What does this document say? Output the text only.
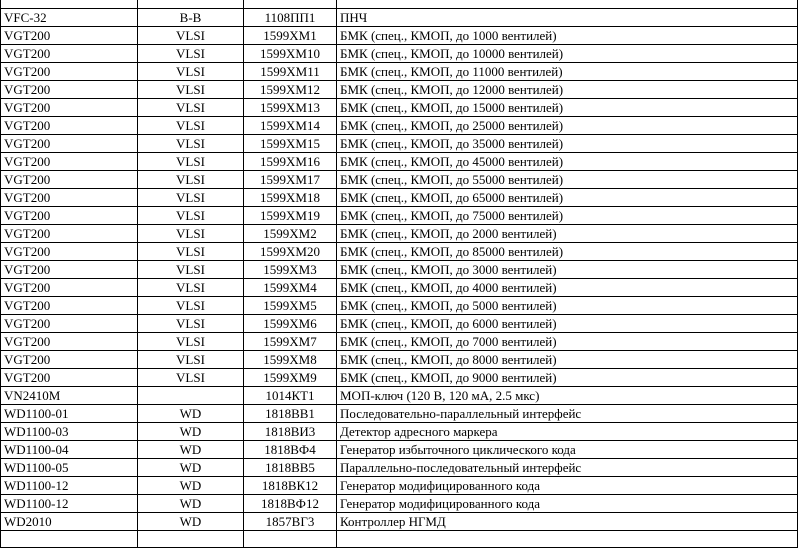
VFC-32	B-B	1108ПП1	ПНЧ
VGT200	VLSI	1599ХМ1	БМК (спец., КМОП, до 1000 вентилей)
VGT200	VLSI	1599ХМ10	БМК (спец., КМОП, до 10000 вентилей)
VGT200	VLSI	1599ХМ11	БМК (спец., КМОП, до 11000 вентилей)
VGT200	VLSI	1599ХМ12	БМК (спец., КМОП, до 12000 вентилей)
VGT200	VLSI	1599ХМ13	БМК (спец., КМОП, до 15000 вентилей)
VGT200	VLSI	1599ХМ14	БМК (спец., КМОП, до 25000 вентилей)
VGT200	VLSI	1599ХМ15	БМК (спец., КМОП, до 35000 вентилей)
VGT200	VLSI	1599ХМ16	БМК (спец., КМОП, до 45000 вентилей)
VGT200	VLSI	1599ХМ17	БМК (спец., КМОП, до 55000 вентилей)
VGT200	VLSI	1599ХМ18	БМК (спец., КМОП, до 65000 вентилей)
VGT200	VLSI	1599ХМ19	БМК (спец., КМОП, до 75000 вентилей)
VGT200	VLSI	1599ХМ2	БМК (спец., КМОП, до 2000 вентилей)
VGT200	VLSI	1599ХМ20	БМК (спец., КМОП, до 85000 вентилей)
VGT200	VLSI	1599ХМ3	БМК (спец., КМОП, до 3000 вентилей)
VGT200	VLSI	1599ХМ4	БМК (спец., КМОП, до 4000 вентилей)
VGT200	VLSI	1599ХМ5	БМК (спец., КМОП, до 5000 вентилей)
VGT200	VLSI	1599ХМ6	БМК (спец., КМОП, до 6000 вентилей)
VGT200	VLSI	1599ХМ7	БМК (спец., КМОП, до 7000 вентилей)
VGT200	VLSI	1599ХМ8	БМК (спец., КМОП, до 8000 вентилей)
VGT200	VLSI	1599ХМ9	БМК (спец., КМОП, до 9000 вентилей)
VN2410M		1014КТ1	МОП-ключ (120 В, 120 мА, 2.5 мкс)
WD1100-01	WD	1818ВВ1	Последовательно-параллельный интерфейс
WD1100-03	WD	1818ВИ3	Детектор адресного маркера
WD1100-04	WD	1818ВФ4	Генератор избыточного циклического кода
WD1100-05	WD	1818ВВ5	Параллельно-последовательный интерфейс
WD1100-12	WD	1818ВК12	Генератор модифицированного кода
WD1100-12	WD	1818ВФ12	Генератор модифицированного кода
WD2010	WD	1857ВГ3	Контроллер НГМД
